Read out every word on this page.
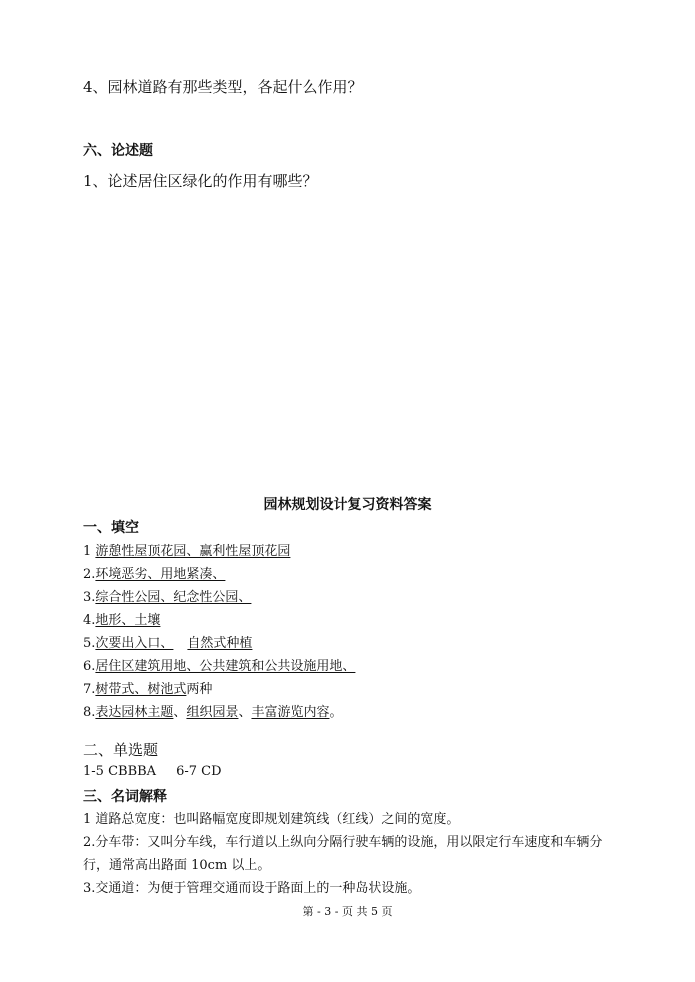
4、园林道路有那些类型，各起什么作用？
六、论述题
1、论述居住区绿化的作用有哪些？
园林规划设计复习资料答案
一、填空
1 游憩性屋顶花园、赢利性屋顶花园
2.环境恶劣、用地紧凑、
3.综合性公园、纪念性公园、
4.地形、土壤
5.次要出入口、 自然式种植
6.居住区建筑用地、公共建筑和公共设施用地、
7.树带式、树池式两种
8.表达园林主题、组织园景、丰富游览内容。
二、单选题
1-5 CBBBA 6-7 CD
三、名词解释
1 道路总宽度：也叫路幅宽度即规划建筑线（红线）之间的宽度。
2.分车带：又叫分车线，车行道以上纵向分隔行驶车辆的设施，用以限定行车速度和车辆分
行，通常高出路面 10cm 以上。
3.交通道：为便于管理交通而设于路面上的一种岛状设施。
第 - 3 - 页 共 5 页
